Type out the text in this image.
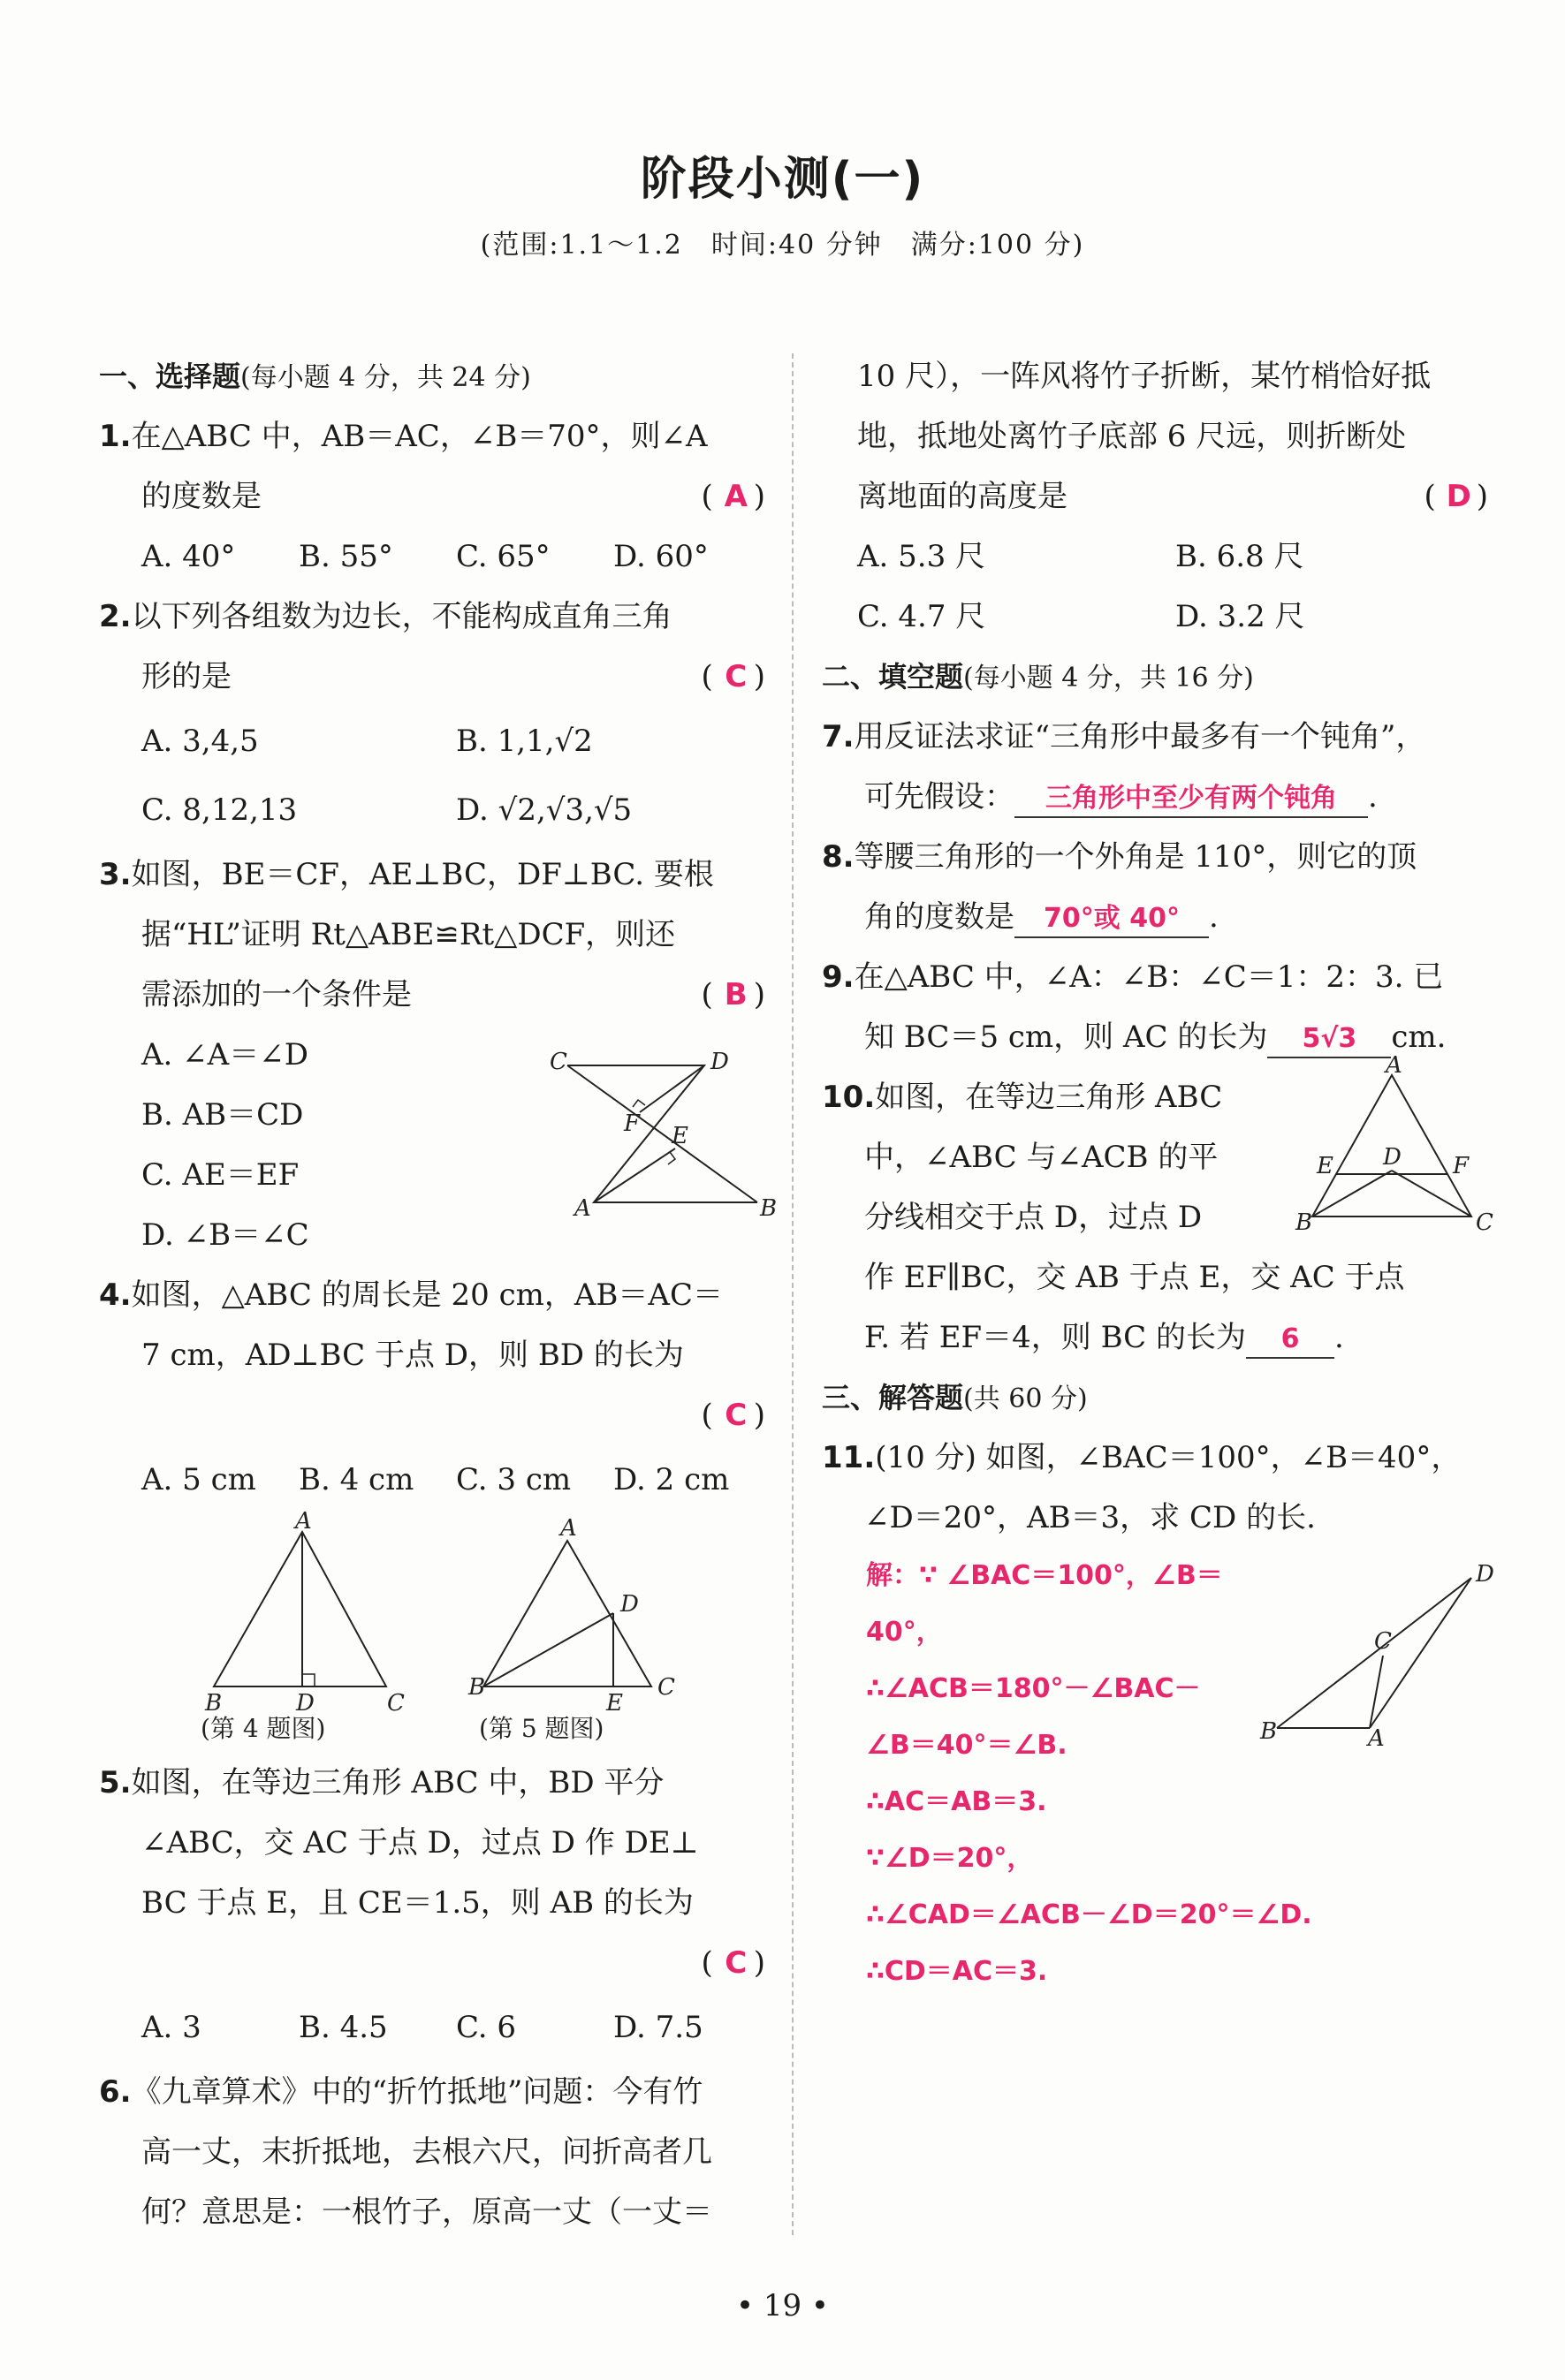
阶段小测(一)
(范围:1.1～1.2　时间:40 分钟　满分:100 分)
一、选择题(每小题 4 分，共 24 分)
1.在△ABC 中，AB＝AC，∠B＝70°，则∠A
的度数是	( A )
A. 40°	B. 55°	C. 65°	D. 60°
2.以下列各组数为边长，不能构成直角三角
形的是	( C )
A. 3,4,5	B. 1,1,√2
C. 8,12,13	D. √2,√3,√5
3.如图，BE＝CF，AE⊥BC，DF⊥BC. 要根
据“HL”证明 Rt△ABE≌Rt△DCF，则还
需添加的一个条件是	( B )
A. ∠A＝∠D
B. AB＝CD
C. AE＝EF
D. ∠B＝∠C
C	D
F E
A	B
4.如图，△ABC 的周长是 20 cm，AB＝AC＝
7 cm，AD⊥BC 于点 D，则 BD 的长为
( C )
A. 5 cm	B. 4 cm	C. 3 cm	D. 2 cm
A
B	D	C
(第 4 题图)
A
D
B
E
C
(第 5 题图)
5.如图，在等边三角形 ABC 中，BD 平分
∠ABC，交 AC 于点 D，过点 D 作 DE⊥
BC 于点 E，且 CE＝1.5，则 AB 的长为
( C )
A. 3	B. 4.5	C. 6	D. 7.5
6.《九章算术》中的“折竹抵地”问题：今有竹
高一丈，末折抵地，去根六尺，问折高者几
何？意思是：一根竹子，原高一丈（一丈＝
10 尺），一阵风将竹子折断，某竹梢恰好抵
地，抵地处离竹子底部 6 尺远，则折断处
离地面的高度是	( D )
A. 5.3 尺	B. 6.8 尺
C. 4.7 尺	D. 3.2 尺
二、填空题(每小题 4 分，共 16 分)
7.用反证法求证“三角形中最多有一个钝角”，
可先假设： 三角形中至少有两个钝角 .
8.等腰三角形的一个外角是 110°，则它的顶
角的度数是 70°或 40° .
9.在△ABC 中，∠A：∠B：∠C＝1：2：3. 已
知 BC＝5 cm，则 AC 的长为 5√3 cm.
10.如图，在等边三角形 ABC
中，∠ABC 与∠ACB 的平
分线相交于点 D，过点 D
作 EF∥BC，交 AB 于点 E，交 AC 于点
F. 若 EF＝4，则 BC 的长为 6 .
A
E D F
B	C
三、解答题(共 60 分)
11.(10 分) 如图，∠BAC＝100°，∠B＝40°，
∠D＝20°，AB＝3，求 CD 的长.
解：∵ ∠BAC＝100°，∠B＝
40°，
∴∠ACB＝180°－∠BAC－
∠B＝40°＝∠B.
∴AC＝AB＝3.
∵∠D＝20°，
∴∠CAD＝∠ACB－∠D＝20°＝∠D.
∴CD＝AC＝3.
D
C
B	A
• 19 •
